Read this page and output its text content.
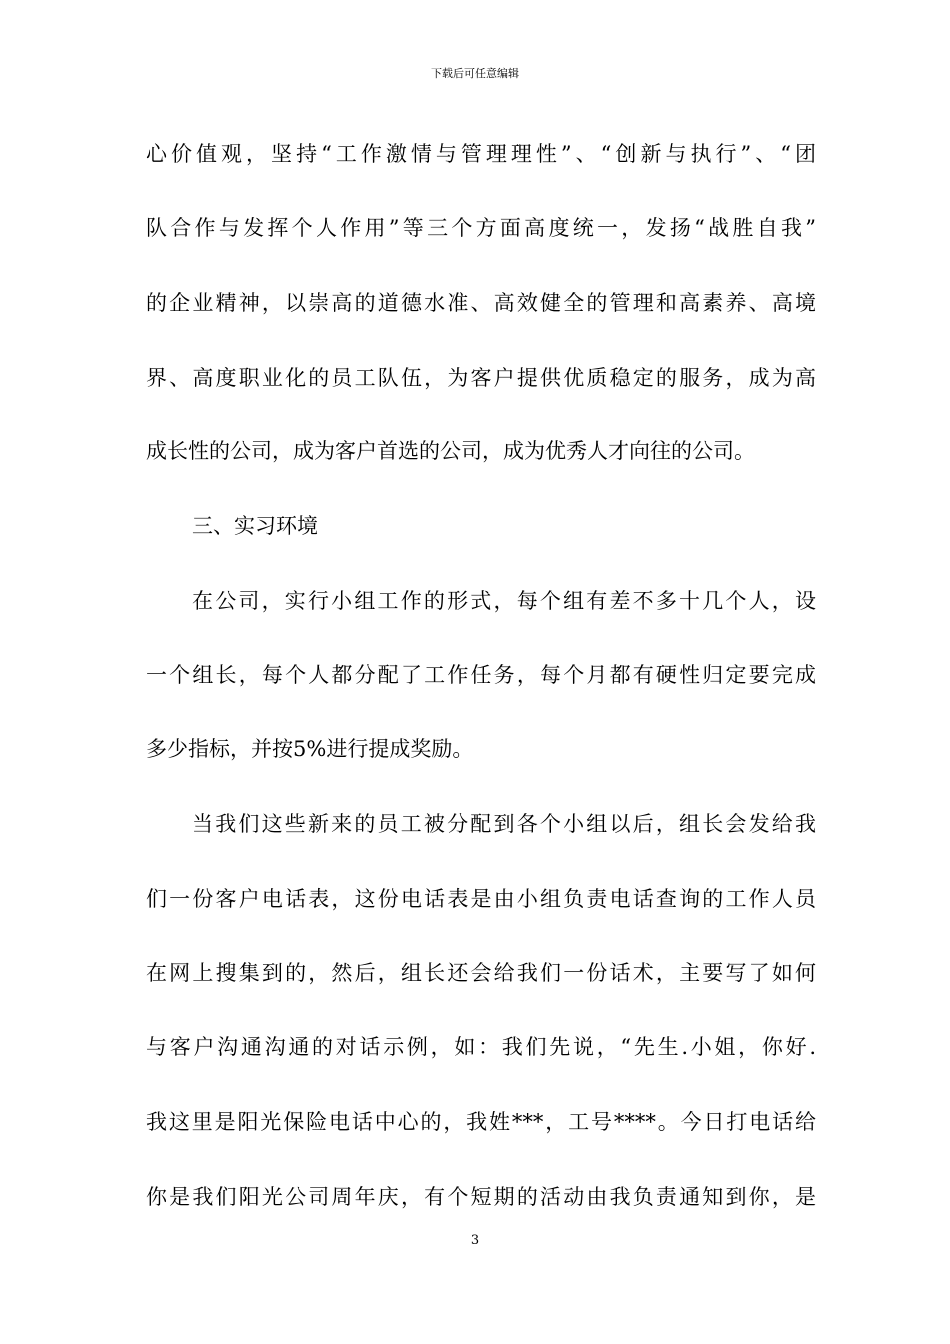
下载后可任意编辑
心价值观，坚持“工作激情与管理理性”、“创新与执行”、“团
队合作与发挥个人作用”等三个方面高度统一，发扬“战胜自我”
的企业精神，以崇高的道德水准、高效健全的管理和高素养、高境
界、高度职业化的员工队伍，为客户提供优质稳定的服务，成为高
成长性的公司，成为客户首选的公司，成为优秀人才向往的公司。
三、实习环境
在公司，实行小组工作的形式，每个组有差不多十几个人，设
一个组长，每个人都分配了工作任务，每个月都有硬性归定要完成
多少指标，并按5%进行提成奖励。
当我们这些新来的员工被分配到各个小组以后，组长会发给我
们一份客户电话表，这份电话表是由小组负责电话查询的工作人员
在网上搜集到的，然后，组长还会给我们一份话术，主要写了如何
与客户沟通沟通的对话示例，如：我们先说，“先生.小姐，你好.
我这里是阳光保险电话中心的，我姓***，工号****。今日打电话给
你是我们阳光公司周年庆，有个短期的活动由我负责通知到你，是
3
